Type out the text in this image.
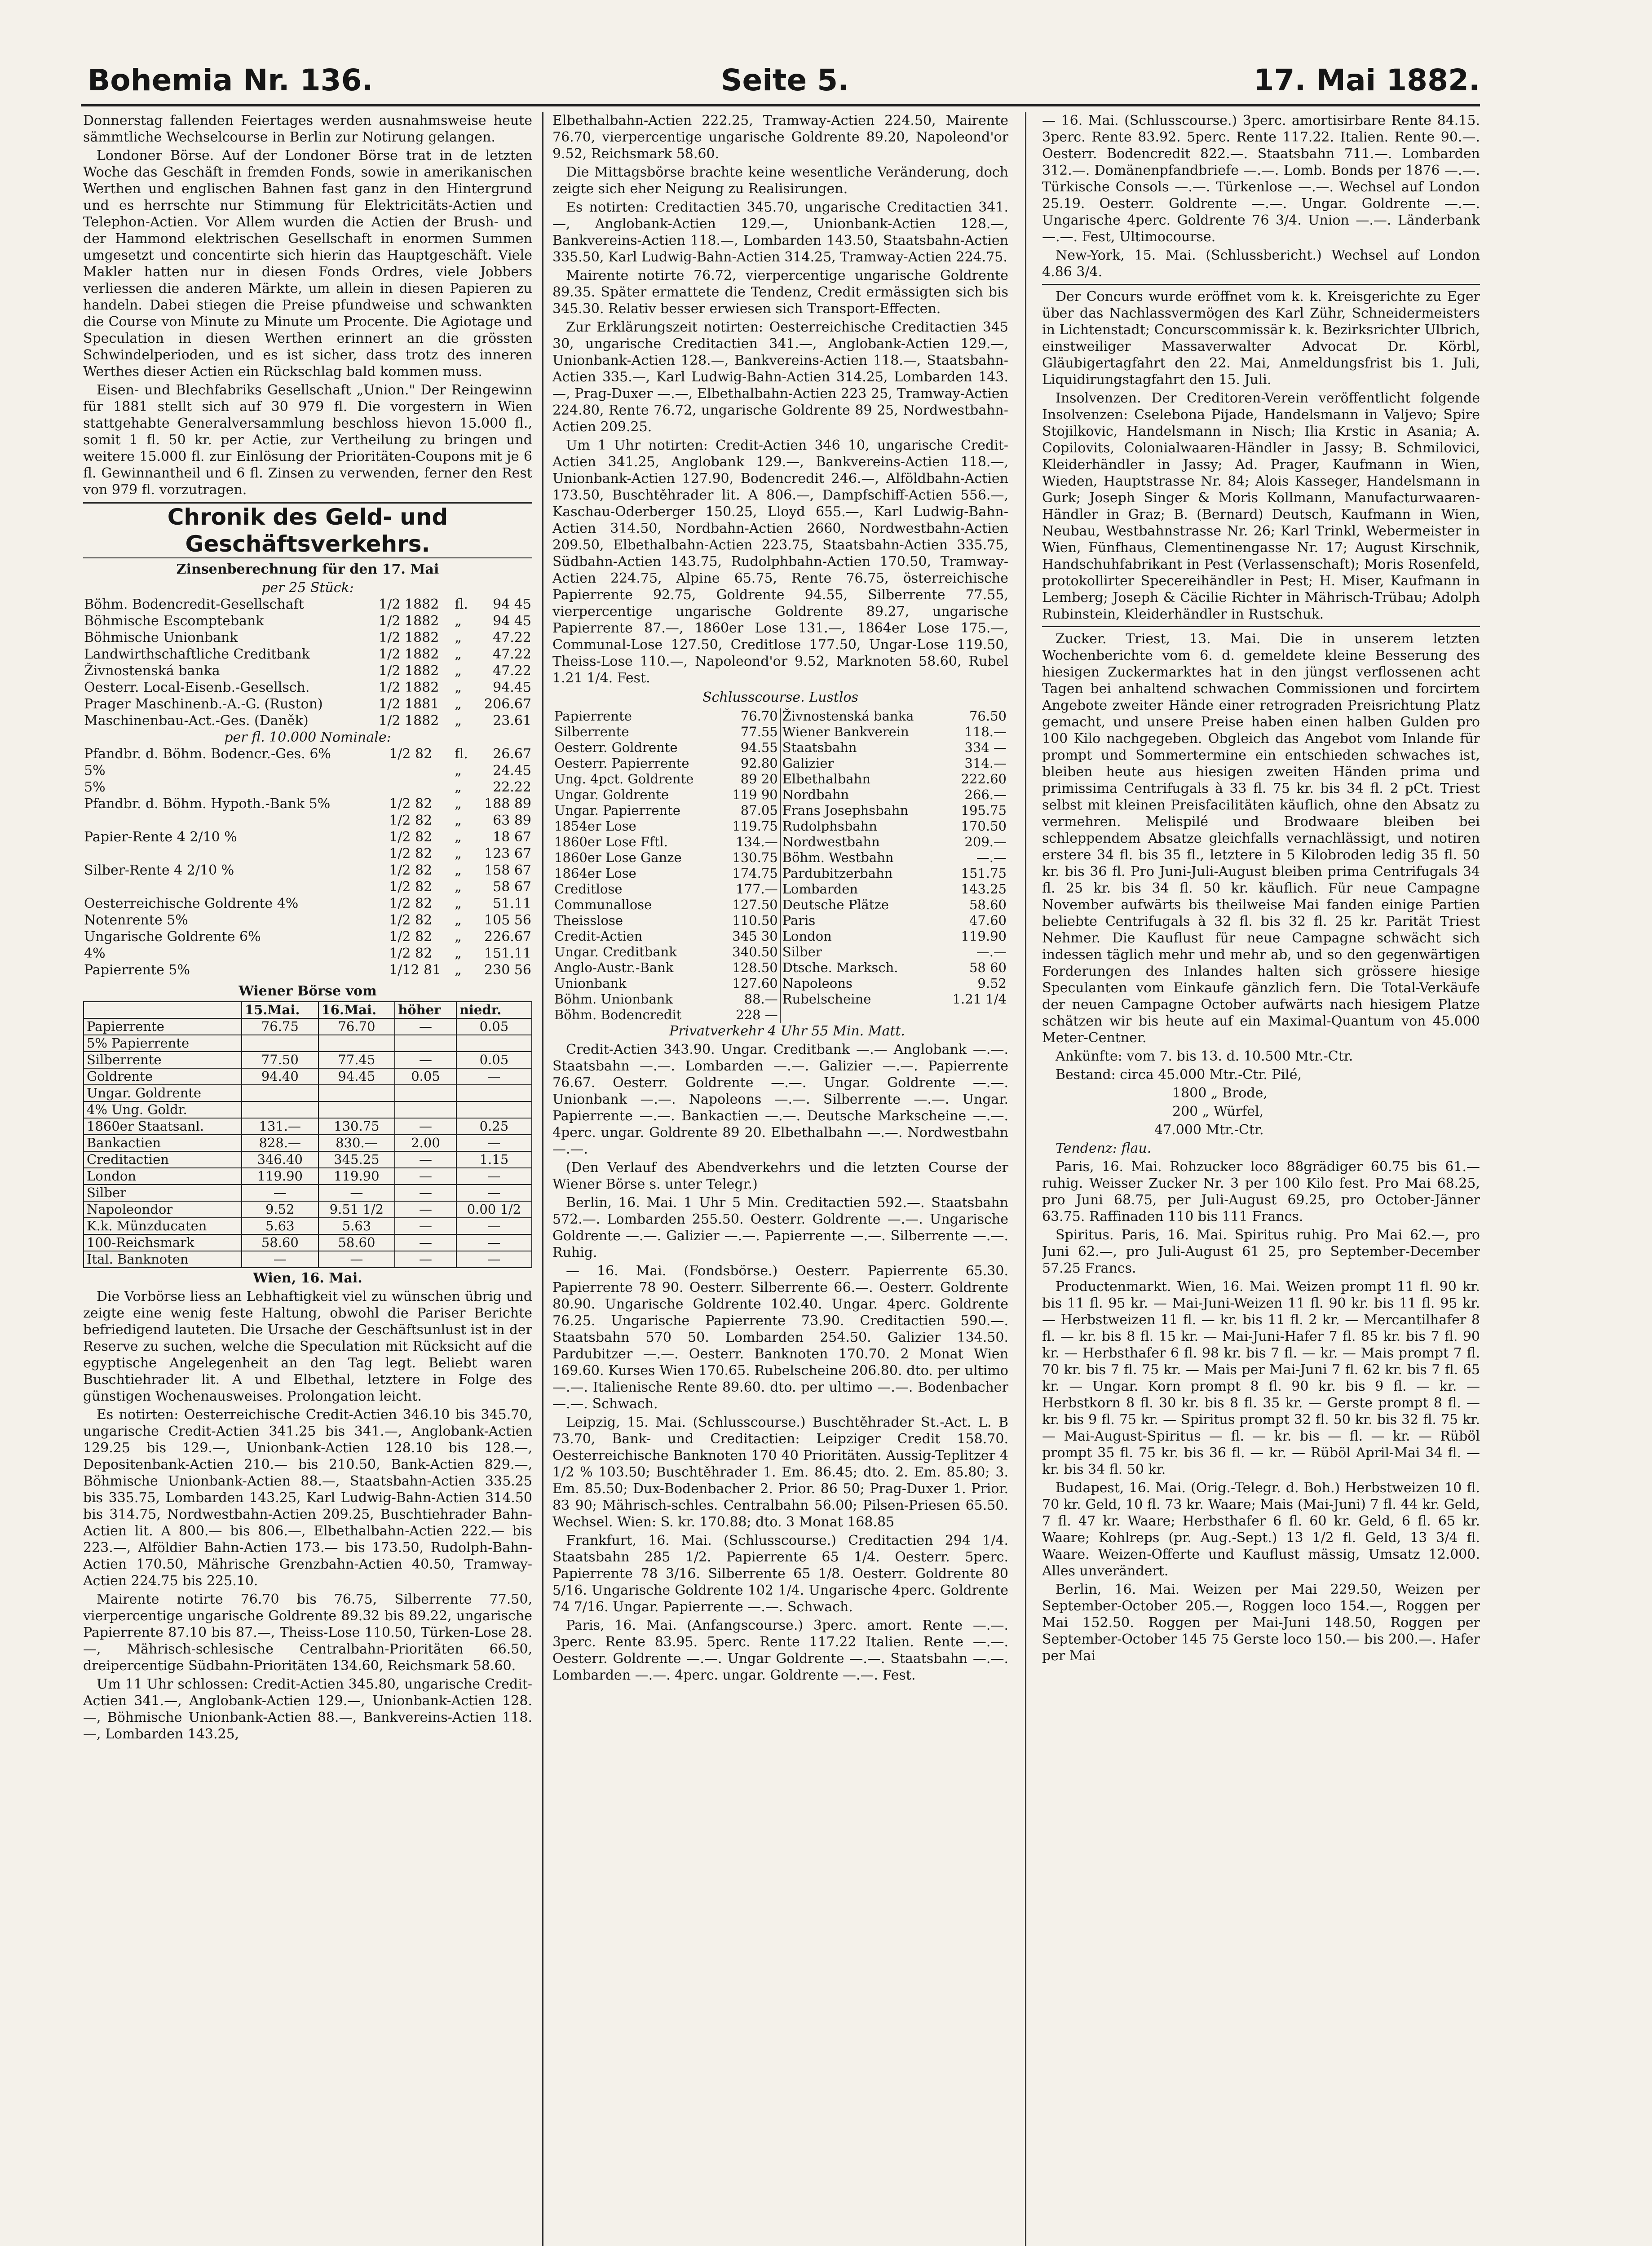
Bohemia Nr. 136.	Seite 5.	17. Mai 1882.

Donnerstag fallenden Feiertages werden ausnahmsweise heute sämmtliche Wechselcourse in Berlin zur Notirung gelangen.

Londoner Börse. Auf der Londoner Börse trat in de letzten Woche das Geschäft in fremden Fonds, sowie in amerikanischen Werthen und englischen Bahnen fast ganz in den Hintergrund und es herrschte nur Stimmung für Elektricitäts-Actien und Telephon-Actien. Vor Allem wurden die Actien der Brush- und der Hammond elektrischen Gesellschaft in enormen Summen umgesetzt und concentirte sich hierin das Hauptgeschäft. Viele Makler hatten nur in diesen Fonds Ordres, viele Jobbers verliessen die anderen Märkte, um allein in diesen Papieren zu handeln. Dabei stiegen die Preise pfundweise und schwankten die Course von Minute zu Minute um Procente. Die Agiotage und Speculation in diesen Werthen erinnert an die grössten Schwindelperioden, und es ist sicher, dass trotz des inneren Werthes dieser Actien ein Rückschlag bald kommen muss.

Eisen- und Blechfabriks Gesellschaft „Union." Der Reingewinn für 1881 stellt sich auf 30 979 fl. Die vorgestern in Wien stattgehabte Generalversammlung beschloss hievon 15.000 fl., somit 1 fl. 50 kr. per Actie, zur Vertheilung zu bringen und weitere 15.000 fl. zur Einlösung der Prioritäten-Coupons mit je 6 fl. Gewinnantheil und 6 fl. Zinsen zu verwenden, ferner den Rest von 979 fl. vorzutragen.

Chronik des Geld- und Geschäftsverkehrs.
Zinsenberechnung für den 17. Mai
per 25 Stück:
Böhm. Bodencredit-Gesellschaft	1/2 1882	fl.	94 45
Böhmische Escomptebank	1/2 1882	„	94 45
Böhmische Unionbank	1/2 1882	„	47.22
Landwirthschaftliche Creditbank	1/2 1882	„	47.22
Živnostenská banka	1/2 1882	„	47.22
Oesterr. Local-Eisenb.-Gesellsch.	1/2 1882	„	94.45
Prager Maschinenb.-A.-G. (Ruston)	1/2 1881	„	206.67
Maschinenbau-Act.-Ges. (Daněk)	1/2 1882	„	23.61
per fl. 10.000 Nominale:
Pfandbr. d. Böhm. Bodencr.-Ges. 6%	1/2 82	fl.	26.67
5%		„	24.45
5%		„	22.22
Pfandbr. d. Böhm. Hypoth.-Bank 5%	1/2 82	„	188 89
	1/2 82	„	63 89
Papier-Rente 4 2/10 %	1/2 82	„	18 67
	1/2 82	„	123 67
Silber-Rente 4 2/10 %	1/2 82	„	158 67
	1/2 82	„	58 67
Oesterreichische Goldrente 4%	1/2 82	„	51.11
Notenrente 5%	1/2 82	„	105 56
Ungarische Goldrente 6%	1/2 82	„	226.67
4%	1/2 82	„	151.11
Papierrente 5%	1/12 81	„	230 56
Wiener Börse vom
	15.Mai.	16.Mai.	höher	niedr.
Papierrente	76.75	76.70	—	0.05
5% Papierrente				
Silberrente	77.50	77.45	—	0.05
Goldrente	94.40	94.45	0.05	—
Ungar. Goldrente				
4% Ung. Goldr.				
1860er Staatsanl.	131.—	130.75	—	0.25
Bankactien	828.—	830.—	2.00	—
Creditactien	346.40	345.25	—	1.15
London	119.90	119.90	—	—
Silber	—	—	—	—
Napoleondor	9.52	9.51 1/2	—	0.00 1/2
K.k. Münzducaten	5.63	5.63	—	—
100-Reichsmark	58.60	58.60	—	—
Ital. Banknoten	—	—	—	—
Wien, 16. Mai.

Die Vorbörse liess an Lebhaftigkeit viel zu wünschen übrig und zeigte eine wenig feste Haltung, obwohl die Pariser Berichte befriedigend lauteten. Die Ursache der Geschäftsunlust ist in der Reserve zu suchen, welche die Speculation mit Rücksicht auf die egyptische Angelegenheit an den Tag legt. Beliebt waren Buschtiehrader lit. A und Elbethal, letztere in Folge des günstigen Wochenausweises. Prolongation leicht.

Es notirten: Oesterreichische Credit-Actien 346.10 bis 345.70, ungarische Credit-Actien 341.25 bis 341.—, Anglobank-Actien 129.25 bis 129.—, Unionbank-Actien 128.10 bis 128.—, Depositenbank-Actien 210.— bis 210.50, Bank-Actien 829.—, Böhmische Unionbank-Actien 88.—, Staatsbahn-Actien 335.25 bis 335.75, Lombarden 143.25, Karl Ludwig-Bahn-Actien 314.50 bis 314.75, Nordwestbahn-Actien 209.25, Buschtiehrader Bahn-Actien lit. A 800.— bis 806.—, Elbethalbahn-Actien 222.— bis 223.—, Alföldier Bahn-Actien 173.— bis 173.50, Rudolph-Bahn-Actien 170.50, Mährische Grenzbahn-Actien 40.50, Tramway-Actien 224.75 bis 225.10.

Mairente notirte 76.70 bis 76.75, Silberrente 77.50, vierpercentige ungarische Goldrente 89.32 bis 89.22, ungarische Papierrente 87.10 bis 87.—, Theiss-Lose 110.50, Türken-Lose 28.—, Mährisch-schlesische Centralbahn-Prioritäten 66.50, dreipercentige Südbahn-Prioritäten 134.60, Reichsmark 58.60.

Um 11 Uhr schlossen: Credit-Actien 345.80, ungarische Credit-Actien 341.—, Anglobank-Actien 129.—, Unionbank-Actien 128.—, Böhmische Unionbank-Actien 88.—, Bankvereins-Actien 118.—, Lombarden 143.25,

Elbethalbahn-Actien 222.25, Tramway-Actien 224.50, Mairente 76.70, vierpercentige ungarische Goldrente 89.20, Napoleond'or 9.52, Reichsmark 58.60.

Die Mittagsbörse brachte keine wesentliche Veränderung, doch zeigte sich eher Neigung zu Realisirungen.

Es notirten: Creditactien 345.70, ungarische Creditactien 341.—, Anglobank-Actien 129.—, Unionbank-Actien 128.—, Bankvereins-Actien 118.—, Lombarden 143.50, Staatsbahn-Actien 335.50, Karl Ludwig-Bahn-Actien 314.25, Tramway-Actien 224.75.

Mairente notirte 76.72, vierpercentige ungarische Goldrente 89.35. Später ermattete die Tendenz, Credit ermässigten sich bis 345.30. Relativ besser erwiesen sich Transport-Effecten.

Zur Erklärungszeit notirten: Oesterreichische Creditactien 345 30, ungarische Creditactien 341.—, Anglobank-Actien 129.—, Unionbank-Actien 128.—, Bankvereins-Actien 118.—, Staatsbahn-Actien 335.—, Karl Ludwig-Bahn-Actien 314.25, Lombarden 143.—, Prag-Duxer —.—, Elbethalbahn-Actien 223 25, Tramway-Actien 224.80, Rente 76.72, ungarische Goldrente 89 25, Nordwestbahn-Actien 209.25.

Um 1 Uhr notirten: Credit-Actien 346 10, ungarische Credit-Actien 341.25, Anglobank 129.—, Bankvereins-Actien 118.—, Unionbank-Actien 127.90, Bodencredit 246.—, Alföldbahn-Actien 173.50, Buschtěhrader lit. A 806.—, Dampfschiff-Actien 556.—, Kaschau-Oderberger 150.25, Lloyd 655.—, Karl Ludwig-Bahn-Actien 314.50, Nordbahn-Actien 2660, Nordwestbahn-Actien 209.50, Elbethalbahn-Actien 223.75, Staatsbahn-Actien 335.75, Südbahn-Actien 143.75, Rudolphbahn-Actien 170.50, Tramway-Actien 224.75, Alpine 65.75, Rente 76.75, österreichische Papierrente 92.75, Goldrente 94.55, Silberrente 77.55, vierpercentige ungarische Goldrente 89.27, ungarische Papierrente 87.—, 1860er Lose 131.—, 1864er Lose 175.—, Communal-Lose 127.50, Creditlose 177.50, Ungar-Lose 119.50, Theiss-Lose 110.—, Napoleond'or 9.52, Marknoten 58.60, Rubel 1.21 1/4. Fest.

Schlusscourse. Lustlos
Papierrente	76.70	Živnostenská banka	76.50
Silberrente	77.55	Wiener Bankverein	118.—
Oesterr. Goldrente	94.55	Staatsbahn	334 —
Oesterr. Papierrente	92.80	Galizier	314.—
Ung. 4pct. Goldrente	89 20	Elbethalbahn	222.60
Ungar. Goldrente	119 90	Nordbahn	266.—
Ungar. Papierrente	87.05	Frans Josephsbahn	195.75
1854er Lose	119.75	Rudolphsbahn	170.50
1860er Lose Fftl.	134.—	Nordwestbahn	209.—
1860er Lose Ganze	130.75	Böhm. Westbahn	—.—
1864er Lose	174.75	Pardubitzerbahn	151.75
Creditlose	177.—	Lombarden	143.25
Communallose	127.50	Deutsche Plätze	58.60
Theisslose	110.50	Paris	47.60
Credit-Actien	345 30	London	119.90
Ungar. Creditbank	340.50	Silber	—.—
Anglo-Austr.-Bank	128.50	Dtsche. Marksch.	58 60
Unionbank	127.60	Napoleons	9.52
Böhm. Unionbank	88.—	Rubelscheine	1.21 1/4
Böhm. Bodencredit	228 —		

Privatverkehr 4 Uhr 55 Min. Matt.

Credit-Actien 343.90. Ungar. Creditbank —.— Anglobank —.—. Staatsbahn —.—. Lombarden —.—. Galizier —.—. Papierrente 76.67. Oesterr. Goldrente —.—. Ungar. Goldrente —.—. Unionbank —.—. Napoleons —.—. Silberrente —.—. Ungar. Papierrente —.—. Bankactien —.—. Deutsche Markscheine —.—. 4perc. ungar. Goldrente 89 20. Elbethalbahn —.—. Nordwestbahn —.—.

(Den Verlauf des Abendverkehrs und die letzten Course der Wiener Börse s. unter Telegr.)

Berlin, 16. Mai. 1 Uhr 5 Min. Creditactien 592.—. Staatsbahn 572.—. Lombarden 255.50. Oesterr. Goldrente —.—. Ungarische Goldrente —.—. Galizier —.—. Papierrente —.—. Silberrente —.—. Ruhig.

— 16. Mai. (Fondsbörse.) Oesterr. Papierrente 65.30. Papierrente 78 90. Oesterr. Silberrente 66.—. Oesterr. Goldrente 80.90. Ungarische Goldrente 102.40. Ungar. 4perc. Goldrente 76.25. Ungarische Papierrente 73.90. Creditactien 590.—. Staatsbahn 570 50. Lombarden 254.50. Galizier 134.50. Pardubitzer —.—. Oesterr. Banknoten 170.70. 2 Monat Wien 169.60. Kurses Wien 170.65. Rubelscheine 206.80. dto. per ultimo —.—. Italienische Rente 89.60. dto. per ultimo —.—. Bodenbacher —.—. Schwach.

Leipzig, 15. Mai. (Schlusscourse.) Buschtěhrader St.-Act. L. B 73.70, Bank- und Creditactien: Leipziger Credit 158.70. Oesterreichische Banknoten 170 40 Prioritäten. Aussig-Teplitzer 4 1/2 % 103.50; Buschtěhrader 1. Em. 86.45; dto. 2. Em. 85.80; 3. Em. 85.50; Dux-Bodenbacher 2. Prior. 86 50; Prag-Duxer 1. Prior. 83 90; Mährisch-schles. Centralbahn 56.00; Pilsen-Priesen 65.50. Wechsel. Wien: S. kr. 170.88; dto. 3 Monat 168.85

Frankfurt, 16. Mai. (Schlusscourse.) Creditactien 294 1/4. Staatsbahn 285 1/2. Papierrente 65 1/4. Oesterr. 5perc. Papierrente 78 3/16. Silberrente 65 1/8. Oesterr. Goldrente 80 5/16. Ungarische Goldrente 102 1/4. Ungarische 4perc. Goldrente 74 7/16. Ungar. Papierrente —.—. Schwach.

Paris, 16. Mai. (Anfangscourse.) 3perc. amort. Rente —.—. 3perc. Rente 83.95. 5perc. Rente 117.22 Italien. Rente —.—. Oesterr. Goldrente —.—. Ungar Goldrente —.—. Staatsbahn —.—. Lombarden —.—. 4perc. ungar. Goldrente —.—. Fest.

— 16. Mai. (Schlusscourse.) 3perc. amortisirbare Rente 84.15. 3perc. Rente 83.92. 5perc. Rente 117.22. Italien. Rente 90.—. Oesterr. Bodencredit 822.—. Staatsbahn 711.—. Lombarden 312.—. Domänenpfandbriefe —.—. Lomb. Bonds per 1876 —.—. Türkische Consols —.—. Türkenlose —.—. Wechsel auf London 25.19. Oesterr. Goldrente —.—. Ungar. Goldrente —.—. Ungarische 4perc. Goldrente 76 3/4. Union —.—. Länderbank —.—. Fest, Ultimocourse.

New-York, 15. Mai. (Schlussbericht.) Wechsel auf London 4.86 3/4.

Der Concurs wurde eröffnet vom k. k. Kreisgerichte zu Eger über das Nachlassvermögen des Karl Zühr, Schneidermeisters in Lichtenstadt; Concurscommissär k. k. Bezirksrichter Ulbrich, einstweiliger Massaverwalter Advocat Dr. Körbl, Gläubigertagfahrt den 22. Mai, Anmeldungsfrist bis 1. Juli, Liquidirungstagfahrt den 15. Juli.

Insolvenzen. Der Creditoren-Verein veröffentlicht folgende Insolvenzen: Cselebona Pijade, Handelsmann in Valjevo; Spire Stojilkovic, Handelsmann in Nisch; Ilia Krstic in Asania; A. Copilovits, Colonialwaaren-Händler in Jassy; B. Schmilovici, Kleiderhändler in Jassy; Ad. Prager, Kaufmann in Wien, Wieden, Hauptstrasse Nr. 84; Alois Kasseger, Handelsmann in Gurk; Joseph Singer & Moris Kollmann, Manufacturwaaren-Händler in Graz; B. (Bernard) Deutsch, Kaufmann in Wien, Neubau, Westbahnstrasse Nr. 26; Karl Trinkl, Webermeister in Wien, Fünfhaus, Clementinengasse Nr. 17; August Kirschnik, Handschuhfabrikant in Pest (Verlassenschaft); Moris Rosenfeld, protokollirter Specereihändler in Pest; H. Miser, Kaufmann in Lemberg; Joseph & Cäcilie Richter in Mährisch-Trübau; Adolph Rubinstein, Kleiderhändler in Rustschuk.

Zucker. Triest, 13. Mai. Die in unserem letzten Wochenberichte vom 6. d. gemeldete kleine Besserung des hiesigen Zuckermarktes hat in den jüngst verflossenen acht Tagen bei anhaltend schwachen Commissionen und forcirtem Angebote zweiter Hände einer retrograden Preisrichtung Platz gemacht, und unsere Preise haben einen halben Gulden pro 100 Kilo nachgegeben. Obgleich das Angebot vom Inlande für prompt und Sommertermine ein entschieden schwaches ist, bleiben heute aus hiesigen zweiten Händen prima und primissima Centrifugals à 33 fl. 75 kr. bis 34 fl. 2 pCt. Triest selbst mit kleinen Preisfacilitäten käuflich, ohne den Absatz zu vermehren. Melispilé und Brodwaare bleiben bei schleppendem Absatze gleichfalls vernachlässigt, und notiren erstere 34 fl. bis 35 fl., letztere in 5 Kilobroden ledig 35 fl. 50 kr. bis 36 fl. Pro Juni-Juli-August bleiben prima Centrifugals 34 fl. 25 kr. bis 34 fl. 50 kr. käuflich. Für neue Campagne November aufwärts bis theilweise Mai fanden einige Partien beliebte Centrifugals à 32 fl. bis 32 fl. 25 kr. Parität Triest Nehmer. Die Kauflust für neue Campagne schwächt sich indessen täglich mehr und mehr ab, und so den gegenwärtigen Forderungen des Inlandes halten sich grössere hiesige Speculanten vom Einkaufe gänzlich fern. Die Total-Verkäufe der neuen Campagne October aufwärts nach hiesigem Platze schätzen wir bis heute auf ein Maximal-Quantum von 45.000 Meter-Centner.

Ankünfte: vom 7. bis 13. d. 10.500 Mtr.-Ctr.

Bestand: circa 45.000 Mtr.-Ctr. Pilé,

1800 „ Brode,

200 „ Würfel,

47.000 Mtr.-Ctr.

Tendenz: flau.

Paris, 16. Mai. Rohzucker loco 88grädiger 60.75 bis 61.— ruhig. Weisser Zucker Nr. 3 per 100 Kilo fest. Pro Mai 68.25, pro Juni 68.75, per Juli-August 69.25, pro October-Jänner 63.75. Raffinaden 110 bis 111 Francs.

Spiritus. Paris, 16. Mai. Spiritus ruhig. Pro Mai 62.—, pro Juni 62.—, pro Juli-August 61 25, pro September-December 57.25 Francs.

Productenmarkt. Wien, 16. Mai. Weizen prompt 11 fl. 90 kr. bis 11 fl. 95 kr. — Mai-Juni-Weizen 11 fl. 90 kr. bis 11 fl. 95 kr. — Herbstweizen 11 fl. — kr. bis 11 fl. 2 kr. — Mercantilhafer 8 fl. — kr. bis 8 fl. 15 kr. — Mai-Juni-Hafer 7 fl. 85 kr. bis 7 fl. 90 kr. — Herbsthafer 6 fl. 98 kr. bis 7 fl. — kr. — Mais prompt 7 fl. 70 kr. bis 7 fl. 75 kr. — Mais per Mai-Juni 7 fl. 62 kr. bis 7 fl. 65 kr. — Ungar. Korn prompt 8 fl. 90 kr. bis 9 fl. — kr. — Herbstkorn 8 fl. 30 kr. bis 8 fl. 35 kr. — Gerste prompt 8 fl. — kr. bis 9 fl. 75 kr. — Spiritus prompt 32 fl. 50 kr. bis 32 fl. 75 kr. — Mai-August-Spiritus — fl. — kr. bis — fl. — kr. — Rüböl prompt 35 fl. 75 kr. bis 36 fl. — kr. — Rüböl April-Mai 34 fl. — kr. bis 34 fl. 50 kr.

Budapest, 16. Mai. (Orig.-Telegr. d. Boh.) Herbstweizen 10 fl. 70 kr. Geld, 10 fl. 73 kr. Waare; Mais (Mai-Juni) 7 fl. 44 kr. Geld, 7 fl. 47 kr. Waare; Herbsthafer 6 fl. 60 kr. Geld, 6 fl. 65 kr. Waare; Kohlreps (pr. Aug.-Sept.) 13 1/2 fl. Geld, 13 3/4 fl. Waare. Weizen-Offerte und Kauflust mässig, Umsatz 12.000. Alles unverändert.

Berlin, 16. Mai. Weizen per Mai 229.50, Weizen per September-October 205.—, Roggen loco 154.—, Roggen per Mai 152.50. Roggen per Mai-Juni 148.50, Roggen per September-October 145 75 Gerste loco 150.— bis 200.—. Hafer per Mai
